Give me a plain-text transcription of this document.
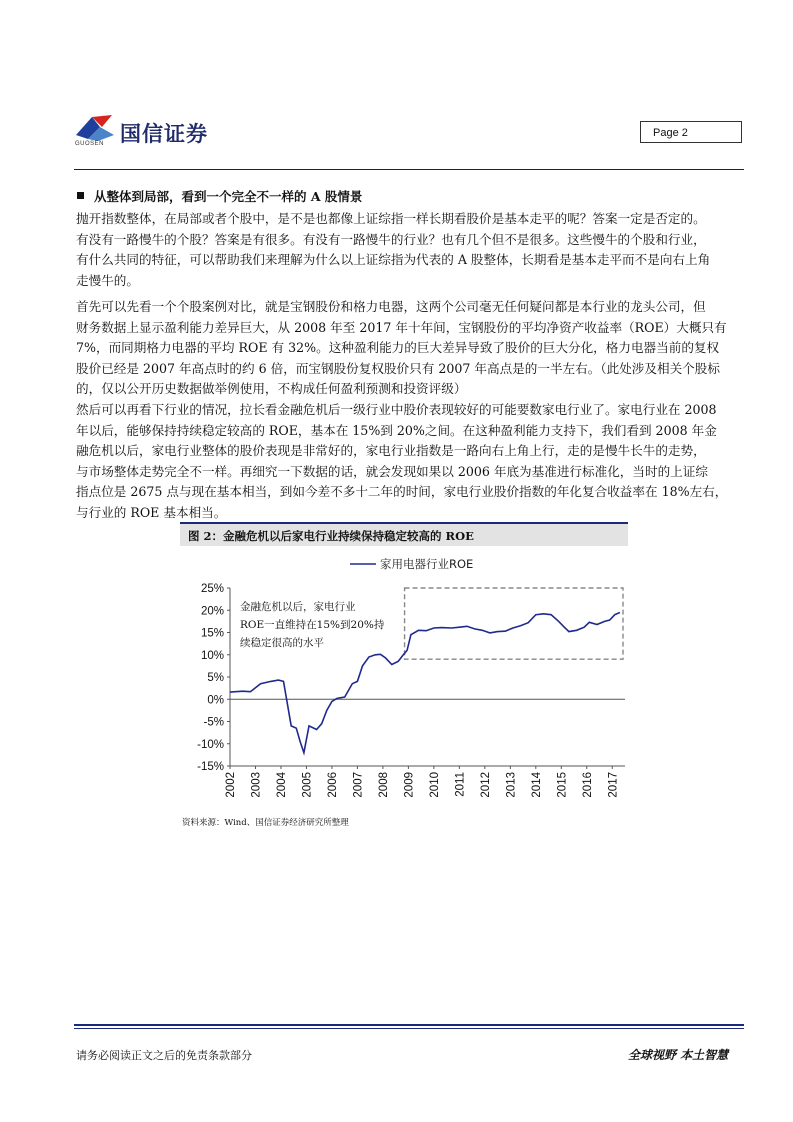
国信证券
GUOSEN
Page 2
从整体到局部，看到一个完全不一样的 A 股情景
抛开指数整体，在局部或者个股中，是不是也都像上证综指一样长期看股价是基本走平的呢？答案一定是否定的。
有没有一路慢牛的个股？答案是有很多。有没有一路慢牛的行业？也有几个但不是很多。这些慢牛的个股和行业，
有什么共同的特征，可以帮助我们来理解为什么以上证综指为代表的 A 股整体，长期看是基本走平而不是向右上角
走慢牛的。
首先可以先看一个个股案例对比，就是宝钢股份和格力电器，这两个公司毫无任何疑问都是本行业的龙头公司，但
财务数据上显示盈利能力差异巨大，从 2008 年至 2017 年十年间，宝钢股份的平均净资产收益率（ROE）大概只有
7%，而同期格力电器的平均 ROE 有 32%。这种盈利能力的巨大差异导致了股价的巨大分化，格力电器当前的复权
股价已经是 2007 年高点时的约 6 倍，而宝钢股份复权股价只有 2007 年高点是的一半左右。（此处涉及相关个股标
的，仅以公开历史数据做举例使用，不构成任何盈利预测和投资评级）
然后可以再看下行业的情况，拉长看金融危机后一级行业中股价表现较好的可能要数家电行业了。家电行业在 2008
年以后，能够保持持续稳定较高的 ROE，基本在 15%到 20%之间。在这种盈利能力支持下，我们看到 2008 年金
融危机以后，家电行业整体的股价表现是非常好的，家电行业指数是一路向右上角上行，走的是慢牛长牛的走势，
与市场整体走势完全不一样。再细究一下数据的话，就会发现如果以 2006 年底为基准进行标准化，当时的上证综
指点位是 2675 点与现在基本相当，到如今差不多十二年的时间，家电行业股价指数的年化复合收益率在 18%左右，
与行业的 ROE 基本相当。
图 2：金融危机以后家电行业持续保持稳定较高的 ROE
家用电器行业ROE
25%
20%
15%
10%
5%
0%
-5%
-10%
-15%
2002 2003 2004 2005 2006 2007 2008 2009 2010 2011 2012 2013 2014 2015 2016 2017
金融危机以后，家电行业
ROE一直维持在15%到20%持
续稳定很高的水平
资料来源：Wind、国信证券经济研究所整理
请务必阅读正文之后的免责条款部分	全球视野 本土智慧
